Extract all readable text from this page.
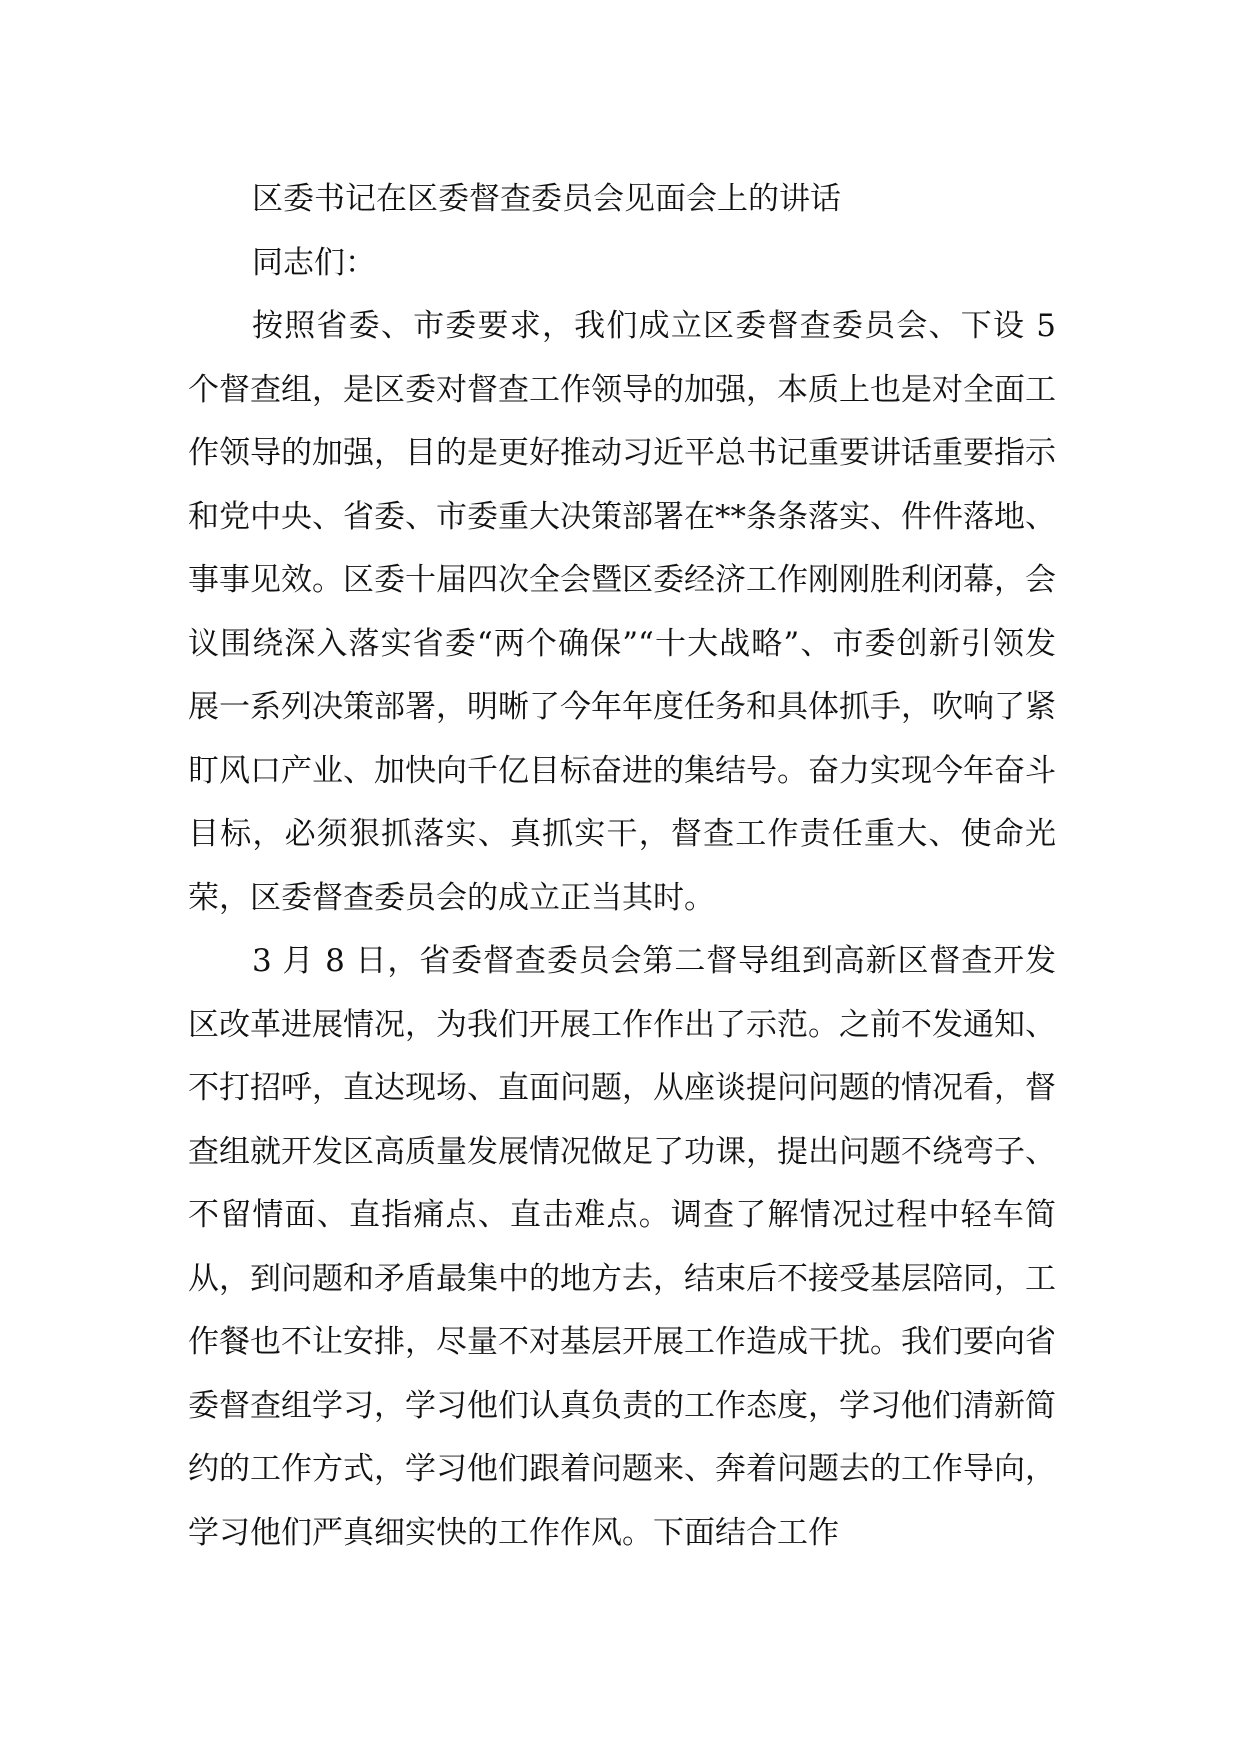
区委书记在区委督查委员会见面会上的讲话

同志们：

按照省委、市委要求，我们成立区委督查委员会、下设 5 个督查组，是区委对督查工作领导的加强，本质上也是对全面工作领导的加强，目的是更好推动习近平总书记重要讲话重要指示和党中央、省委、市委重大决策部署在**条条落实、件件落地、事事见效。区委十届四次全会暨区委经济工作刚刚胜利闭幕，会议围绕深入落实省委“两个确保”“十大战略”、市委创新引领发展一系列决策部署，明晰了今年年度任务和具体抓手，吹响了紧盯风口产业、加快向千亿目标奋进的集结号。奋力实现今年奋斗目标，必须狠抓落实、真抓实干，督查工作责任重大、使命光荣，区委督查委员会的成立正当其时。

3 月 8 日，省委督查委员会第二督导组到高新区督查开发区改革进展情况，为我们开展工作作出了示范。之前不发通知、不打招呼，直达现场、直面问题，从座谈提问问题的情况看，督查组就开发区高质量发展情况做足了功课，提出问题不绕弯子、不留情面、直指痛点、直击难点。调查了解情况过程中轻车简从，到问题和矛盾最集中的地方去，结束后不接受基层陪同，工作餐也不让安排，尽量不对基层开展工作造成干扰。我们要向省委督查组学习，学习他们认真负责的工作态度，学习他们清新简约的工作方式，学习他们跟着问题来、奔着问题去的工作导向，学习他们严真细实快的工作作风。下面结合工作
